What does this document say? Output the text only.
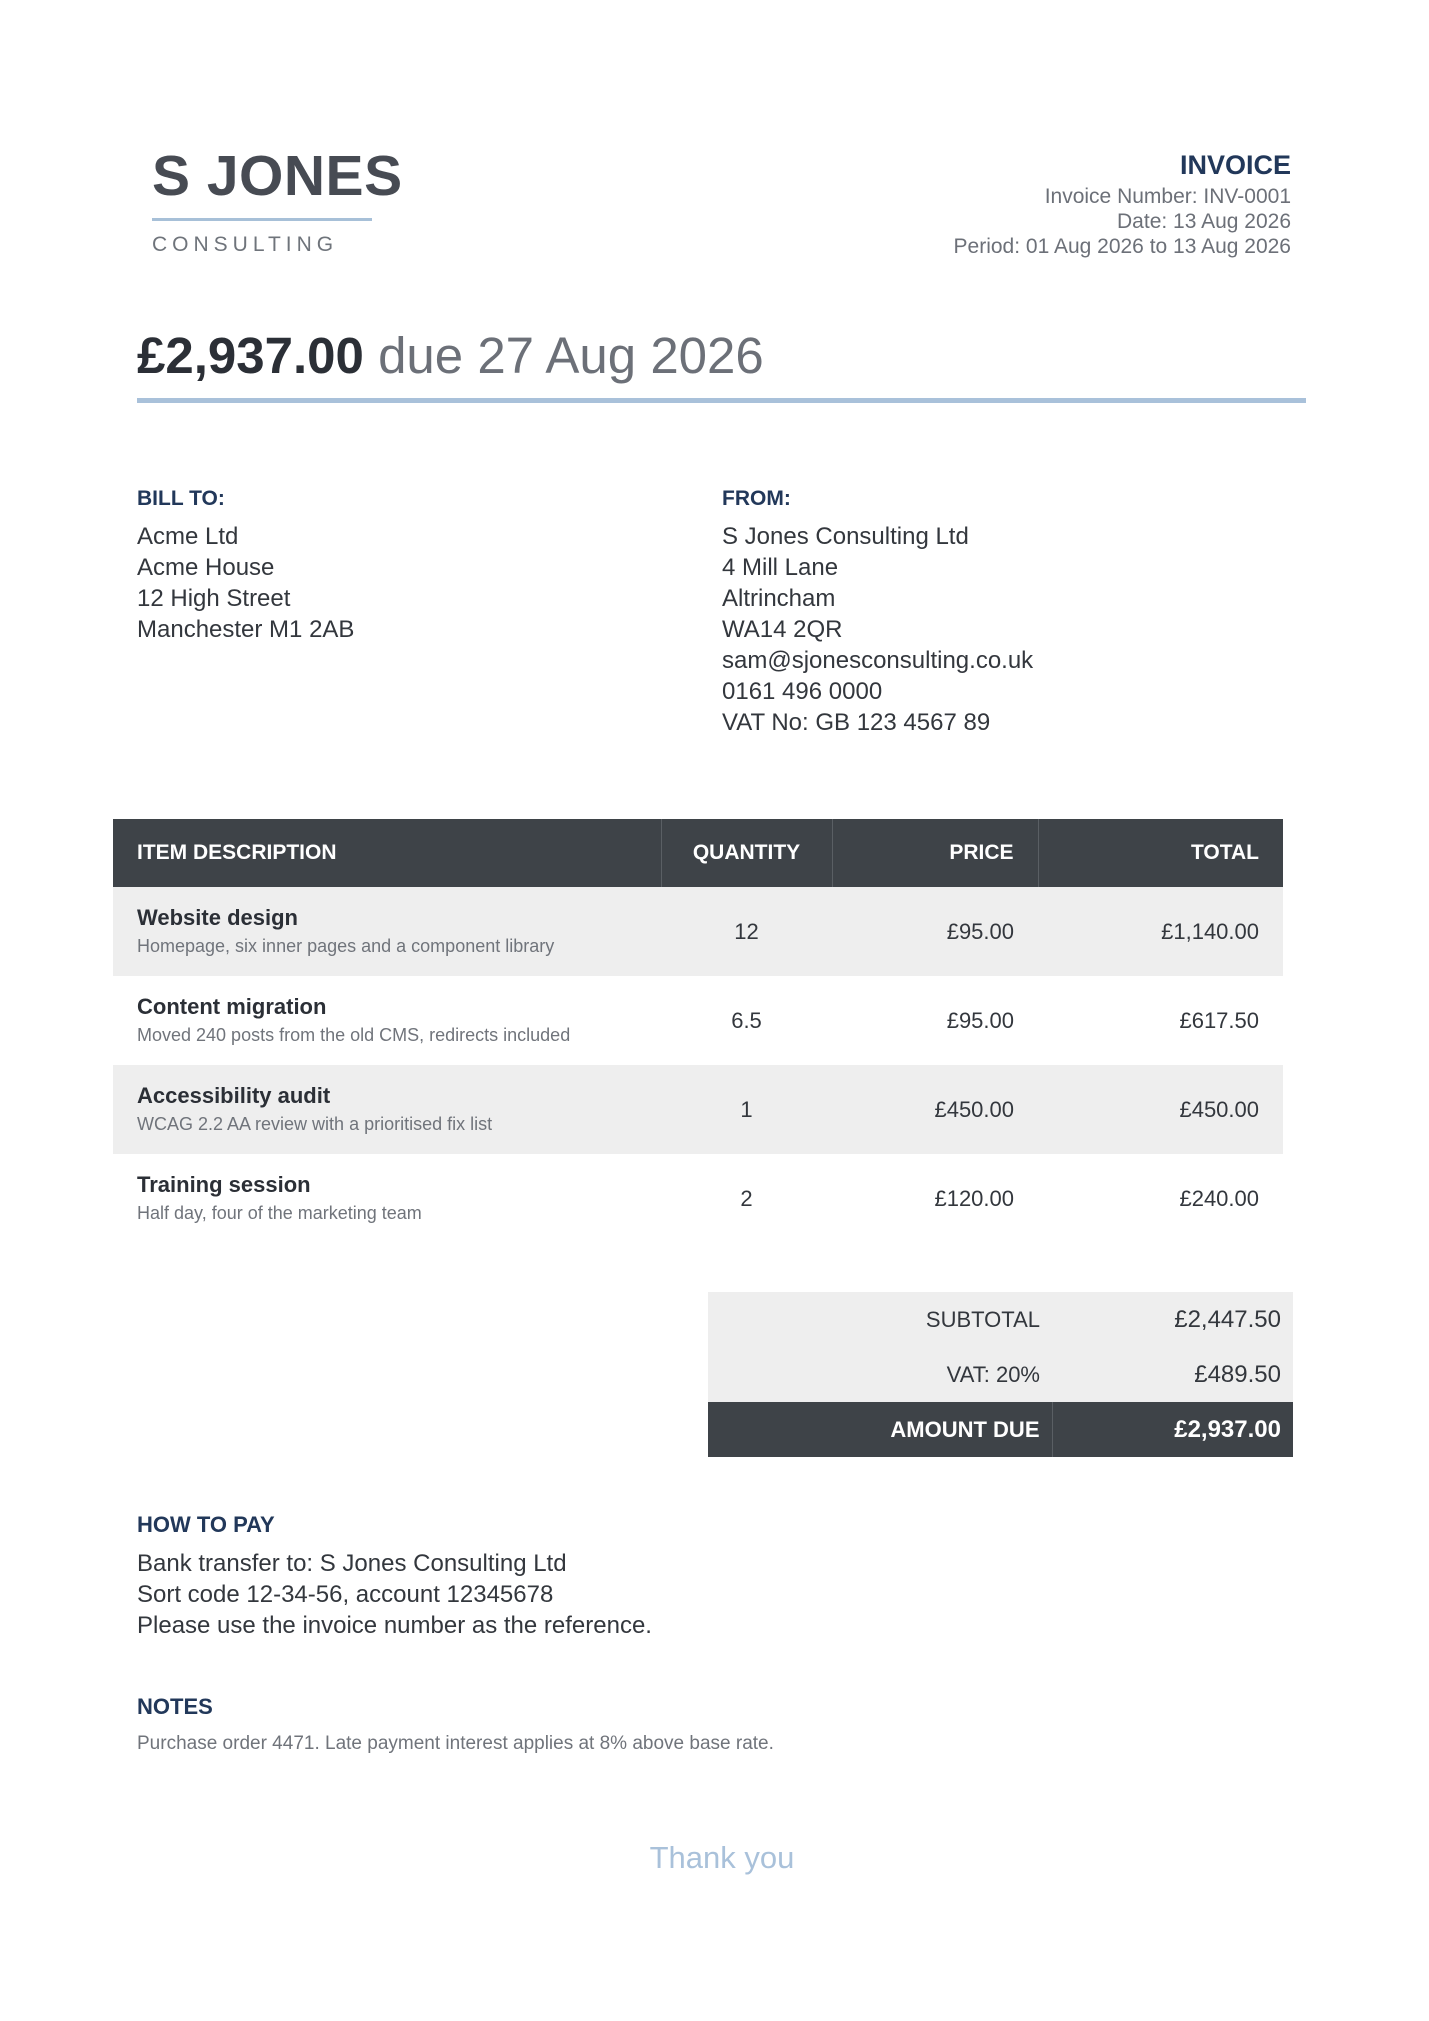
S JONES
CONSULTING
INVOICE
Invoice Number: INV-0001
Date: 13 Aug 2026
Period: 01 Aug 2026 to 13 Aug 2026
£2,937.00 due 27 Aug 2026
BILL TO:
Acme Ltd
Acme House
12 High Street
Manchester M1 2AB
FROM:
S Jones Consulting Ltd
4 Mill Lane
Altrincham
WA14 2QR
sam@sjonesconsulting.co.uk
0161 496 0000
VAT No: GB 123 4567 89
ITEM DESCRIPTION	QUANTITY	PRICE	TOTAL

Website design
Homepage, six inner pages and a component library	12	£95.00	£1,140.00

Content migration
Moved 240 posts from the old CMS, redirects included	6.5	£95.00	£617.50

Accessibility audit
WCAG 2.2 AA review with a prioritised fix list	1	£450.00	£450.00

Training session
Half day, four of the marketing team	2	£120.00	£240.00
SUBTOTAL	£2,447.50
VAT: 20%	£489.50
AMOUNT DUE	£2,937.00
HOW TO PAY
Bank transfer to: S Jones Consulting Ltd
Sort code 12-34-56, account 12345678
Please use the invoice number as the reference.
NOTES
Purchase order 4471. Late payment interest applies at 8% above base rate.
Thank you
